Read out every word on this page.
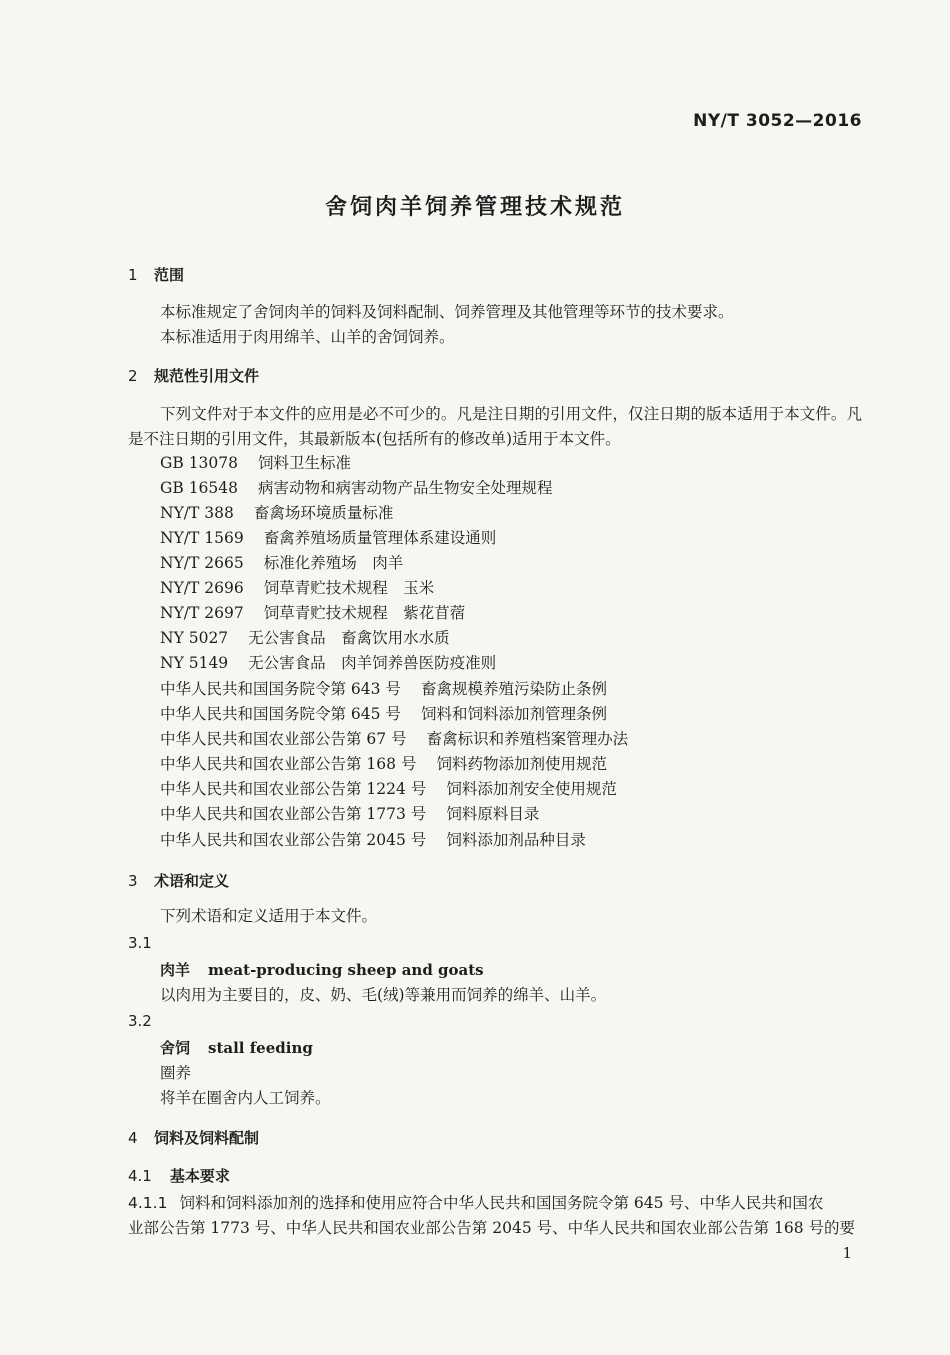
NY/T 3052—2016
舍饲肉羊饲养管理技术规范
1 范围
本标准规定了舍饲肉羊的饲料及饲料配制、饲养管理及其他管理等环节的技术要求。
本标准适用于肉用绵羊、山羊的舍饲饲养。
2 规范性引用文件
下列文件对于本文件的应用是必不可少的。凡是注日期的引用文件，仅注日期的版本适用于本文件。凡是不注日期的引用文件，其最新版本(包括所有的修改单)适用于本文件。
GB 13078 饲料卫生标准
GB 16548 病害动物和病害动物产品生物安全处理规程
NY/T 388 畜禽场环境质量标准
NY/T 1569 畜禽养殖场质量管理体系建设通则
NY/T 2665 标准化养殖场　肉羊
NY/T 2696 饲草青贮技术规程　玉米
NY/T 2697 饲草青贮技术规程　紫花苜蓿
NY 5027 无公害食品　畜禽饮用水水质
NY 5149 无公害食品　肉羊饲养兽医防疫准则
中华人民共和国国务院令第 643 号 畜禽规模养殖污染防止条例
中华人民共和国国务院令第 645 号 饲料和饲料添加剂管理条例
中华人民共和国农业部公告第 67 号 畜禽标识和养殖档案管理办法
中华人民共和国农业部公告第 168 号 饲料药物添加剂使用规范
中华人民共和国农业部公告第 1224 号 饲料添加剂安全使用规范
中华人民共和国农业部公告第 1773 号 饲料原料目录
中华人民共和国农业部公告第 2045 号 饲料添加剂品种目录
3 术语和定义
下列术语和定义适用于本文件。
3.1
肉羊 meat-producing sheep and goats
以肉用为主要目的，皮、奶、毛(绒)等兼用而饲养的绵羊、山羊。
3.2
舍饲 stall feeding
圈养
将羊在圈舍内人工饲养。
4 饲料及饲料配制
4.1 基本要求
4.1.1 饲料和饲料添加剂的选择和使用应符合中华人民共和国国务院令第 645 号、中华人民共和国农
业部公告第 1773 号、中华人民共和国农业部公告第 2045 号、中华人民共和国农业部公告第 168 号的要
1
